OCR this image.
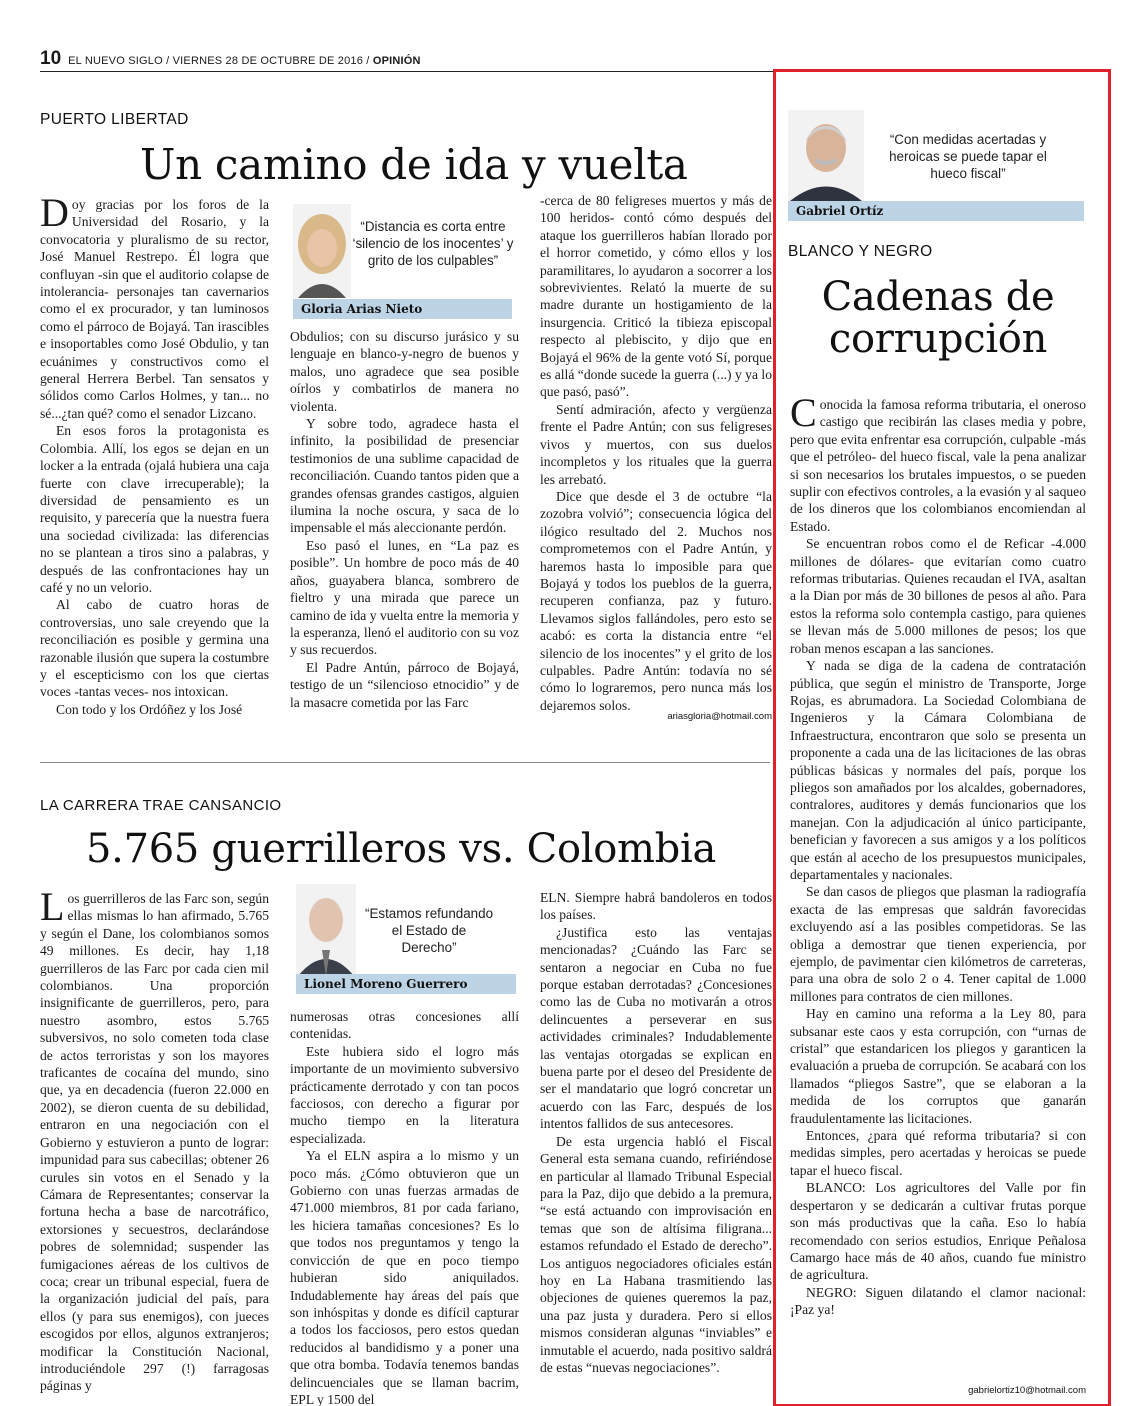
10 EL NUEVO SIGLO / VIERNES 28 DE OCTUBRE DE 2016 / OPINIÓN
PUERTO LIBERTAD
Un camino de ida y vuelta

Doy gracias por los foros de la Universidad del Rosario, y la convocatoria y pluralismo de su rector, José Manuel Restrepo. Él logra que confluyan -sin que el auditorio colapse de intolerancia- personajes tan cavernarios como el ex procurador, y tan luminosos como el párroco de Bojayá. Tan irascibles e insoportables como José Obdulio, y tan ecuánimes y constructivos como el general Herrera Berbel. Tan sensatos y sólidos como Carlos Holmes, y tan... no sé...¿tan qué? como el senador Lizcano.

En esos foros la protagonista es Colombia. Allí, los egos se dejan en un locker a la entrada (ojalá hubiera una caja fuerte con clave irrecuperable); la diversidad de pensamiento es un requisito, y parecería que la nuestra fuera una sociedad civilizada: las diferencias no se plantean a tiros sino a palabras, y después de las confrontaciones hay un café y no un velorio.

Al cabo de cuatro horas de controversias, uno sale creyendo que la reconciliación es posible y germina una razonable ilusión que supera la costumbre y el escepticismo con los que ciertas voces -tantas veces- nos intoxican.

Con todo y los Ordóñez y los José

“Distancia es corta entre ‘silencio de los inocentes’ y grito de los culpables”
Gloria Arias Nieto

Obdulios; con su discurso jurásico y su lenguaje en blanco-y-negro de buenos y malos, uno agradece que sea posible oírlos y combatirlos de manera no violenta.

Y sobre todo, agradece hasta el infinito, la posibilidad de presenciar testimonios de una sublime capacidad de reconciliación. Cuando tantos piden que a grandes ofensas grandes castigos, alguien ilumina la noche oscura, y saca de lo impensable el más aleccionante perdón.

Eso pasó el lunes, en “La paz es posible”. Un hombre de poco más de 40 años, guayabera blanca, sombrero de fieltro y una mirada que parece un camino de ida y vuelta entre la memoria y la esperanza, llenó el auditorio con su voz y sus recuerdos.

El Padre Antún, párroco de Bojayá, testigo de un “silencioso etnocidio” y de la masacre cometida por las Farc

-cerca de 80 feligreses muertos y más de 100 heridos- contó cómo después del ataque los guerrilleros habían llorado por el horror cometido, y cómo ellos y los paramilitares, lo ayudaron a socorrer a los sobrevivientes. Relató la muerte de su madre durante un hostigamiento de la insurgencia. Criticó la tibieza episcopal respecto al plebiscito, y dijo que en Bojayá el 96% de la gente votó Sí, porque es allá “donde sucede la guerra (...) y ya lo que pasó, pasó”.

Sentí admiración, afecto y vergüenza frente el Padre Antún; con sus feligreses vivos y muertos, con sus duelos incompletos y los rituales que la guerra les arrebató.

Dice que desde el 3 de octubre “la zozobra volvió”; consecuencia lógica del ilógico resultado del 2. Muchos nos comprometemos con el Padre Antún, y haremos hasta lo imposible para que Bojayá y todos los pueblos de la guerra, recuperen confianza, paz y futuro. Llevamos siglos fallándoles, pero esto se acabó: es corta la distancia entre “el silencio de los inocentes” y el grito de los culpables. Padre Antún: todavía no sé cómo lo lograremos, pero nunca más los dejaremos solos.

ariasgloria@hotmail.com
LA CARRERA TRAE CANSANCIO
5.765 guerrilleros vs. Colombia

Los guerrilleros de las Farc son, según ellas mismas lo han afirmado, 5.765 y según el Dane, los colombianos somos 49 millones. Es decir, hay 1,18 guerrilleros de las Farc por cada cien mil colombianos. Una proporción insignificante de guerrilleros, pero, para nuestro asombro, estos 5.765 subversivos, no solo cometen toda clase de actos terroristas y son los mayores traficantes de cocaína del mundo, sino que, ya en decadencia (fueron 22.000 en 2002), se dieron cuenta de su debilidad, entraron en una negociación con el Gobierno y estuvieron a punto de lograr: impunidad para sus cabecillas; obtener 26 curules sin votos en el Senado y la Cámara de Representantes; conservar la fortuna hecha a base de narcotráfico, extorsiones y secuestros, declarándose pobres de solemnidad; suspender las fumigaciones aéreas de los cultivos de coca; crear un tribunal especial, fuera de la organización judicial del país, para ellos (y para sus enemigos), con jueces escogidos por ellos, algunos extranjeros; modificar la Constitución Nacional, introduciéndole 297 (!) farragosas páginas y

“Estamos refundando el Estado de Derecho”
Lionel Moreno Guerrero

numerosas otras concesiones allí contenidas.

Este hubiera sido el logro más importante de un movimiento subversivo prácticamente derrotado y con tan pocos facciosos, con derecho a figurar por mucho tiempo en la literatura especializada.

Ya el ELN aspira a lo mismo y un poco más. ¿Cómo obtuvieron que un Gobierno con unas fuerzas armadas de 471.000 miembros, 81 por cada fariano, les hiciera tamañas concesiones? Es lo que todos nos preguntamos y tengo la convicción de que en poco tiempo hubieran sido aniquilados. Indudablemente hay áreas del país que son inhóspitas y donde es difícil capturar a todos los facciosos, pero estos quedan reducidos al bandidismo y a poner una que otra bomba. Todavía tenemos bandas delincuenciales que se llaman bacrim, EPL y 1500 del

ELN. Siempre habrá bandoleros en todos los países.

¿Justifica esto las ventajas mencionadas? ¿Cuándo las Farc se sentaron a negociar en Cuba no fue porque estaban derrotadas? ¿Concesiones como las de Cuba no motivarán a otros delincuentes a perseverar en sus actividades criminales? Indudablemente las ventajas otorgadas se explican en buena parte por el deseo del Presidente de ser el mandatario que logró concretar un acuerdo con las Farc, después de los intentos fallidos de sus antecesores.

De esta urgencia habló el Fiscal General esta semana cuando, refiriéndose en particular al llamado Tribunal Especial para la Paz, dijo que debido a la premura, “se está actuando con improvisación en temas que son de altísima filigrana... estamos refundado el Estado de derecho”. Los antiguos negociadores oficiales están hoy en La Habana trasmitiendo las objeciones de quienes queremos la paz, una paz justa y duradera. Pero si ellos mismos consideran algunas “inviables” e inmutable el acuerdo, nada positivo saldrá de estas “nuevas negociaciones”.

“Con medidas acertadas y heroicas se puede tapar el hueco fiscal”
Gabriel Ortíz
BLANCO Y NEGRO
Cadenas de
corrupción

Conocida la famosa reforma tributaria, el oneroso castigo que recibirán las clases media y pobre, pero que evita enfrentar esa corrupción, culpable -más que el petróleo- del hueco fiscal, vale la pena analizar si son necesarios los brutales impuestos, o se pueden suplir con efectivos controles, a la evasión y al saqueo de los dineros que los colombianos encomiendan al Estado.

Se encuentran robos como el de Reficar -4.000 millones de dólares- que evitarían como cuatro reformas tributarias. Quienes recaudan el IVA, asaltan a la Dian por más de 30 billones de pesos al año. Para estos la reforma solo contempla castigo, para quienes se llevan más de 5.000 millones de pesos; los que roban menos escapan a las sanciones.

Y nada se diga de la cadena de contratación pública, que según el ministro de Transporte, Jorge Rojas, es abrumadora. La Sociedad Colombiana de Ingenieros y la Cámara Colombiana de Infraestructura, encontraron que solo se presenta un proponente a cada una de las licitaciones de las obras públicas básicas y normales del país, porque los pliegos son amañados por los alcaldes, gobernadores, contralores, auditores y demás funcionarios que los manejan. Con la adjudicación al único participante, benefician y favorecen a sus amigos y a los políticos que están al acecho de los presupuestos municipales, departamentales y nacionales.

Se dan casos de pliegos que plasman la radiografía exacta de las empresas que saldrán favorecidas excluyendo así a las posibles competidoras. Se las obliga a demostrar que tienen experiencia, por ejemplo, de pavimentar cien kilómetros de carreteras, para una obra de solo 2 o 4. Tener capital de 1.000 millones para contratos de cien millones.

Hay en camino una reforma a la Ley 80, para subsanar este caos y esta corrupción, con “urnas de cristal” que estandaricen los pliegos y garanticen la evaluación a prueba de corrupción. Se acabará con los llamados “pliegos Sastre”, que se elaboran a la medida de los corruptos que ganarán fraudulentamente las licitaciones.

Entonces, ¿para qué reforma tributaria? si con medidas simples, pero acertadas y heroicas se puede tapar el hueco fiscal.

BLANCO: Los agricultores del Valle por fin despertaron y se dedicarán a cultivar frutas porque son más productivas que la caña. Eso lo había recomendado con serios estudios, Enrique Peñalosa Camargo hace más de 40 años, cuando fue ministro de agricultura.

NEGRO: Siguen dilatando el clamor nacional: ¡Paz ya!

gabrielortiz10@hotmail.com
